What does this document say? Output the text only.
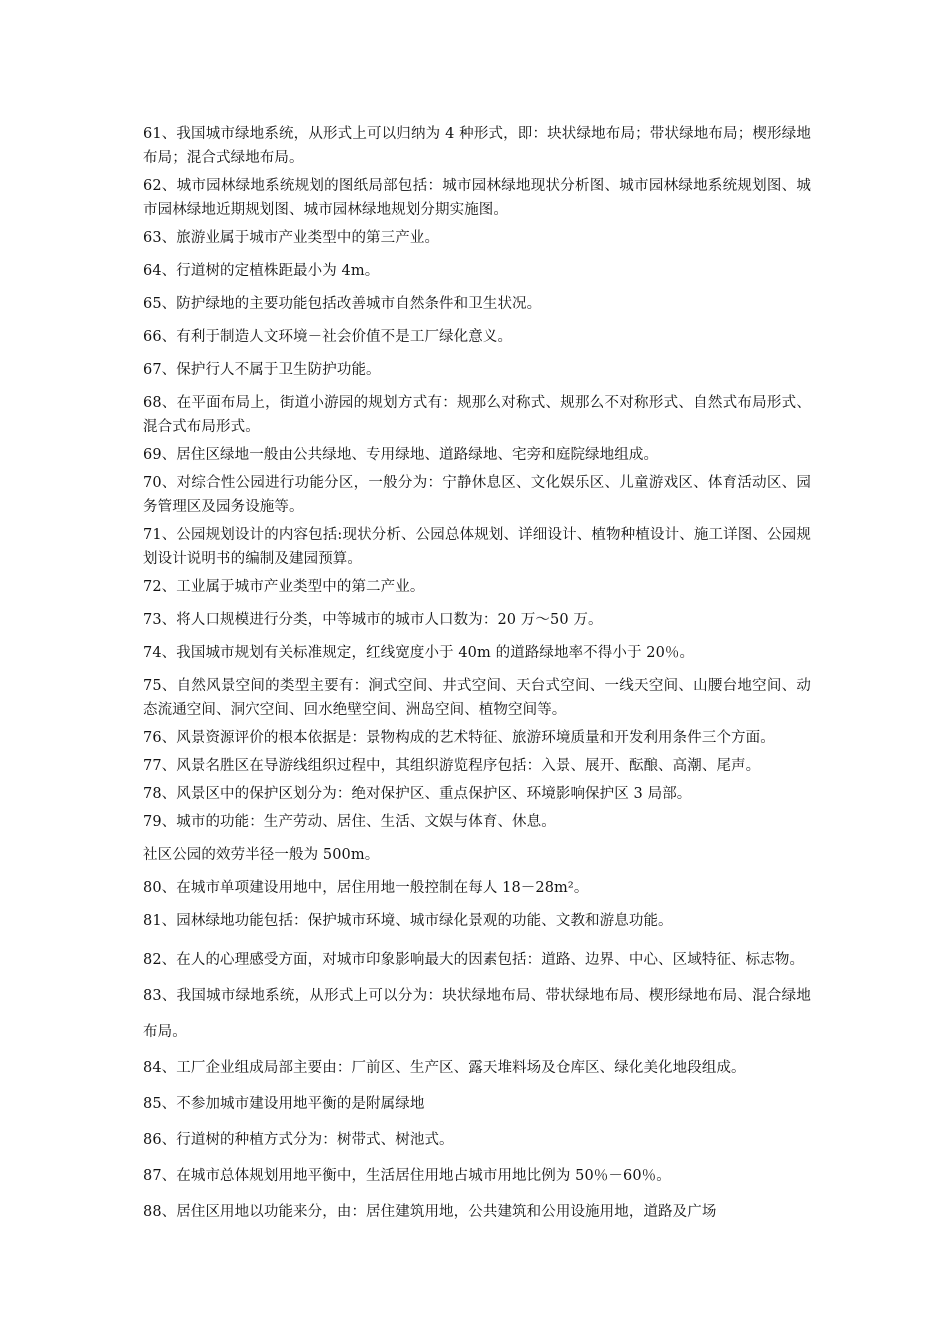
61、我国城市绿地系统，从形式上可以归纳为 4 种形式，即：块状绿地布局；带状绿地布局；楔形绿地布局；混合式绿地布局。

62、城市园林绿地系统规划的图纸局部包括：城市园林绿地现状分析图、城市园林绿地系统规划图、城市园林绿地近期规划图、城市园林绿地规划分期实施图。

63、旅游业属于城市产业类型中的第三产业。

64、行道树的定植株距最小为 4m。

65、防护绿地的主要功能包括改善城市自然条件和卫生状况。

66、有利于制造人文环境－社会价值不是工厂绿化意义。

67、保护行人不属于卫生防护功能。

68、在平面布局上，街道小游园的规划方式有：规那么对称式、规那么不对称形式、自然式布局形式、混合式布局形式。

69、居住区绿地一般由公共绿地、专用绿地、道路绿地、宅旁和庭院绿地组成。

70、对综合性公园进行功能分区，一般分为：宁静休息区、文化娱乐区、儿童游戏区、体育活动区、园务管理区及园务设施等。

71、公园规划设计的内容包括:现状分析、公园总体规划、详细设计、植物种植设计、施工详图、公园规划设计说明书的编制及建园预算。

72、工业属于城市产业类型中的第二产业。

73、将人口规模进行分类，中等城市的城市人口数为：20 万～50 万。

74、我国城市规划有关标准规定，红线宽度小于 40m 的道路绿地率不得小于 20％。

75、自然风景空间的类型主要有：涧式空间、井式空间、天台式空间、一线天空间、山腰台地空间、动态流通空间、洞穴空间、回水绝壁空间、洲岛空间、植物空间等。

76、风景资源评价的根本依据是：景物构成的艺术特征、旅游环境质量和开发利用条件三个方面。

77、风景名胜区在导游线组织过程中，其组织游览程序包括：入景、展开、酝酿、高潮、尾声。

78、风景区中的保护区划分为：绝对保护区、重点保护区、环境影响保护区 3 局部。

79、城市的功能：生产劳动、居住、生活、文娱与体育、休息。

社区公园的效劳半径一般为 500m。

80、在城市单项建设用地中，居住用地一般控制在每人 18－28m²。

81、园林绿地功能包括：保护城市环境、城市绿化景观的功能、文教和游息功能。

82、在人的心理感受方面，对城市印象影响最大的因素包括：道路、边界、中心、区域特征、标志物。

83、我国城市绿地系统，从形式上可以分为：块状绿地布局、带状绿地布局、楔形绿地布局、混合绿地布局。

84、工厂企业组成局部主要由：厂前区、生产区、露天堆料场及仓库区、绿化美化地段组成。

85、不参加城市建设用地平衡的是附属绿地

86、行道树的种植方式分为：树带式、树池式。

87、在城市总体规划用地平衡中，生活居住用地占城市用地比例为 50％－60％。

88、居住区用地以功能来分，由：居住建筑用地，公共建筑和公用设施用地，道路及广场
